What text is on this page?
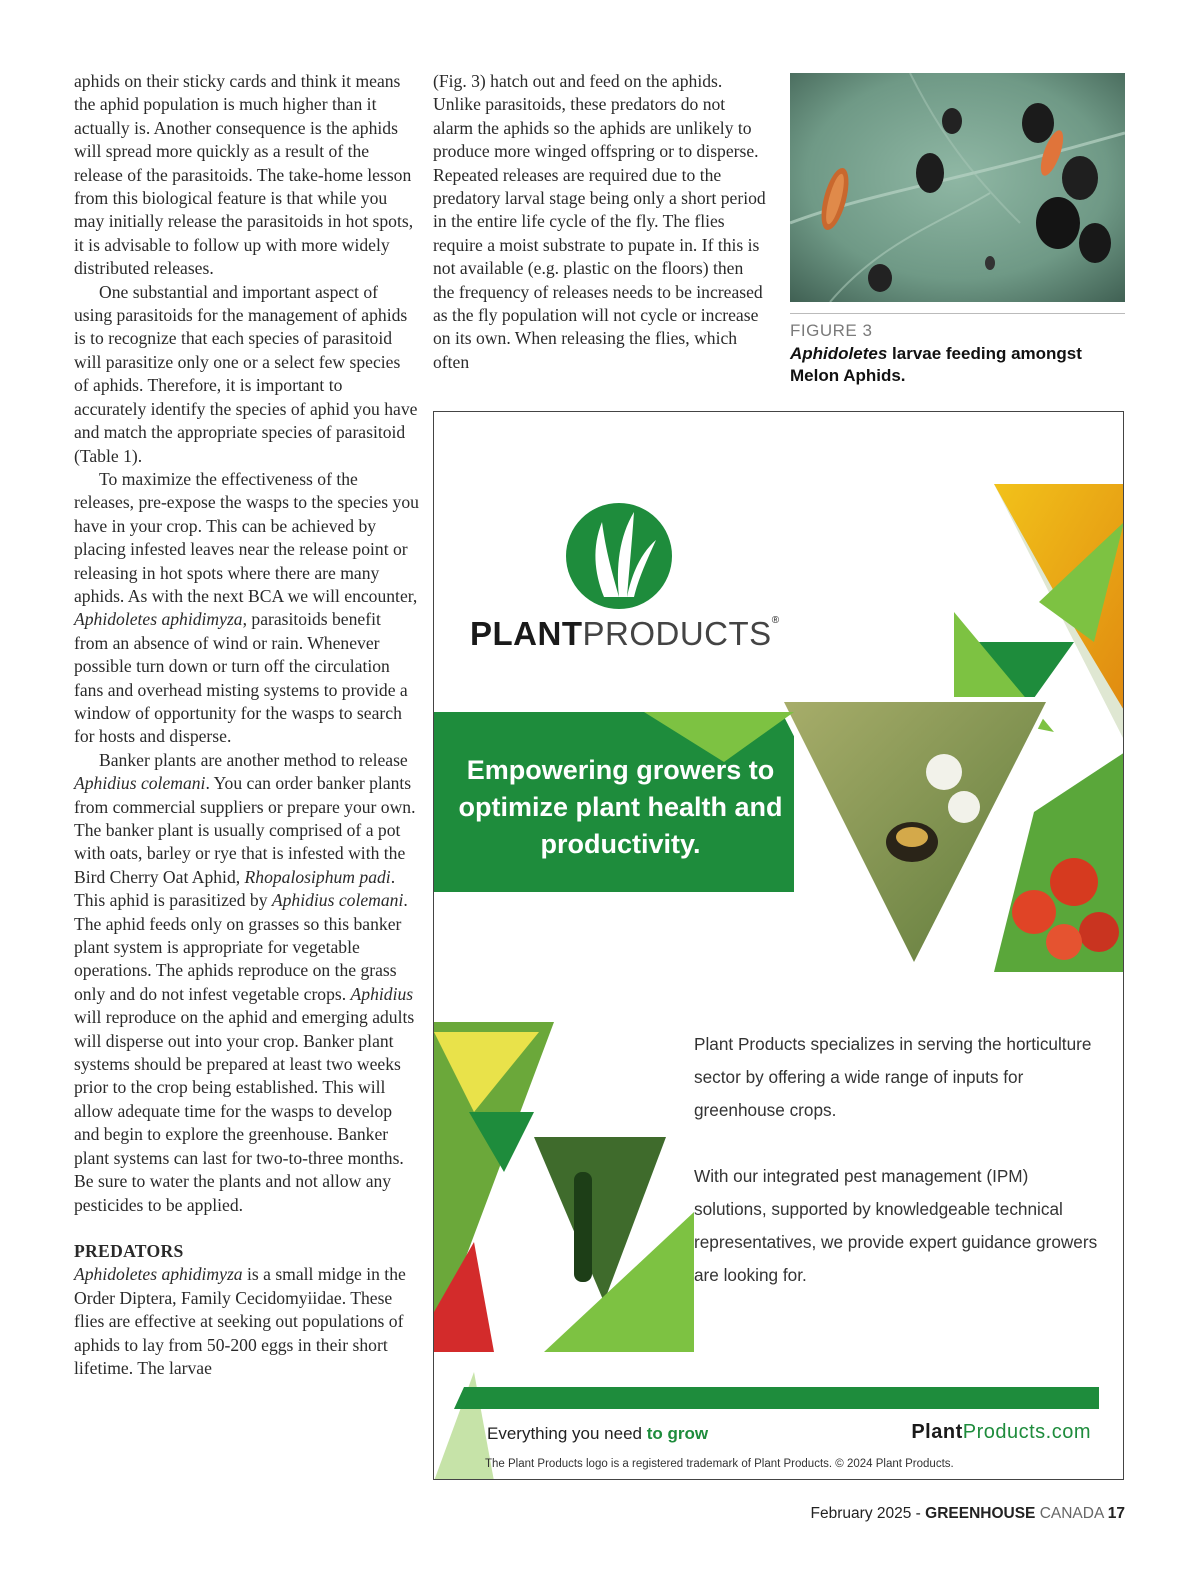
aphids on their sticky cards and think it means the aphid population is much higher than it actually is. Another consequence is the aphids will spread more quickly as a result of the release of the parasitoids. The take-home lesson from this biological feature is that while you may initially release the parasitoids in hot spots, it is advisable to follow up with more widely distributed releases.

One substantial and important aspect of using parasitoids for the management of aphids is to recognize that each species of parasitoid will parasitize only one or a select few species of aphids. Therefore, it is important to accurately identify the species of aphid you have and match the appropriate species of parasitoid (Table 1).

To maximize the effectiveness of the releases, pre-expose the wasps to the species you have in your crop. This can be achieved by placing infested leaves near the release point or releasing in hot spots where there are many aphids. As with the next BCA we will encounter, Aphidoletes aphidimyza, parasitoids benefit from an absence of wind or rain. Whenever possible turn down or turn off the circulation fans and overhead misting systems to provide a window of opportunity for the wasps to search for hosts and disperse.

Banker plants are another method to release Aphidius colemani. You can order banker plants from commercial suppliers or prepare your own. The banker plant is usually comprised of a pot with oats, barley or rye that is infested with the Bird Cherry Oat Aphid, Rhopalosiphum padi. This aphid is parasitized by Aphidius colemani. The aphid feeds only on grasses so this banker plant system is appropriate for vegetable operations. The aphids reproduce on the grass only and do not infest vegetable crops. Aphidius will reproduce on the aphid and emerging adults will disperse out into your crop. Banker plant systems should be prepared at least two weeks prior to the crop being established. This will allow adequate time for the wasps to develop and begin to explore the greenhouse. Banker plant systems can last for two-to-three months. Be sure to water the plants and not allow any pesticides to be applied.

PREDATORS

Aphidoletes aphidimyza is a small midge in the Order Diptera, Family Cecidomyiidae. These flies are effective at seeking out populations of aphids to lay from 50-200 eggs in their short lifetime. The larvae

(Fig. 3) hatch out and feed on the aphids. Unlike parasitoids, these predators do not alarm the aphids so the aphids are unlikely to produce more winged offspring or to disperse. Repeated releases are required due to the predatory larval stage being only a short period in the entire life cycle of the fly. The flies require a moist substrate to pupate in. If this is not available (e.g. plastic on the floors) then the frequency of releases needs to be increased as the fly population will not cycle or increase on its own. When releasing the flies, which often

FIGURE 3
Aphidoletes larvae feeding amongst Melon Aphids.
PLANTPRODUCTS®
Empowering growers to optimize plant health and productivity.

Plant Products specializes in serving the horticulture sector by offering a wide range of inputs for greenhouse crops.

With our integrated pest management (IPM) solutions, supported by knowledgeable technical representatives, we provide expert guidance growers are looking for.

Everything you need to grow	PlantProducts.com
The Plant Products logo is a registered trademark of Plant Products. © 2024 Plant Products.
February 2025 - GREENHOUSE CANADA 17
